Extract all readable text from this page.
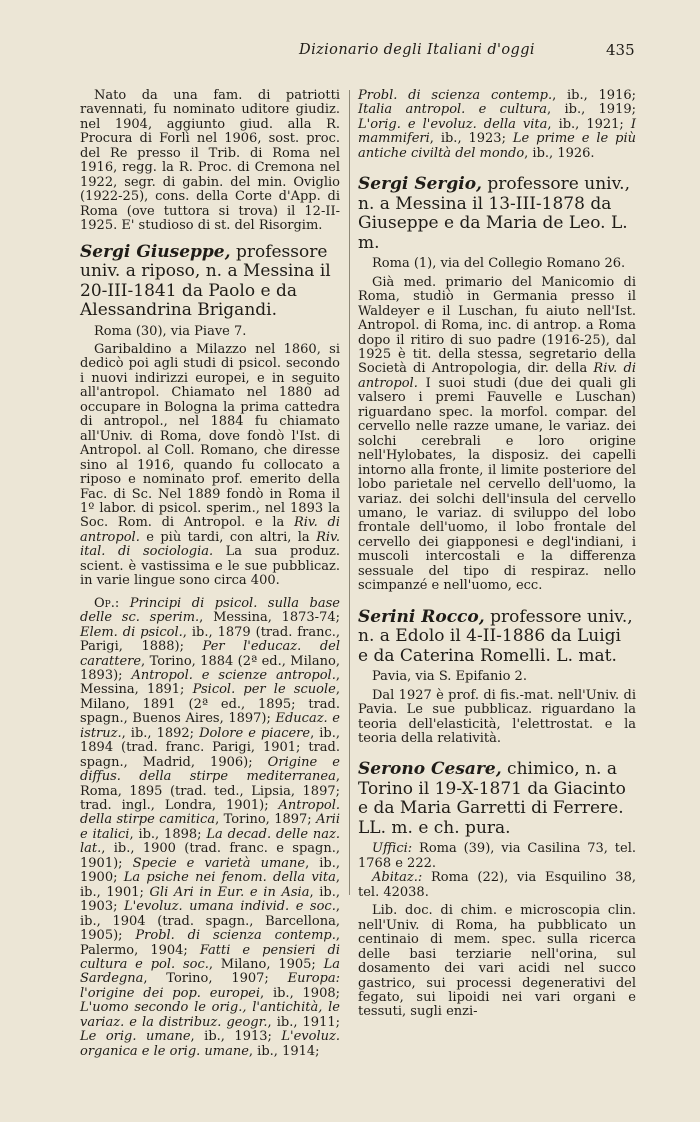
Dizionario degli Italiani d'oggi	435

Nato da una fam. di patriotti ravennati, fu nominato uditore giudiz. nel 1904, aggiunto giud. alla R. Procura di Forlì nel 1906, sost. proc. del Re presso il Trib. di Roma nel 1916, regg. la R. Proc. di Cremona nel 1922, segr. di gabin. del min. Oviglio (1922-25), cons. della Corte d'App. di Roma (ove tuttora si trova) il 12-II-1925. E' studioso di st. del Risorgim.

Sergi Giuseppe, professore univ. a riposo, n. a Messina il 20-III-1841 da Paolo e da Alessandrina Brigandi.

Roma (30), via Piave 7.

Garibaldino a Milazzo nel 1860, si dedicò poi agli studi di psicol. secondo i nuovi indirizzi europei, e in seguito all'antropol. Chiamato nel 1880 ad occupare in Bologna la prima cattedra di antropol., nel 1884 fu chiamato all'Univ. di Roma, dove fondò l'Ist. di Antropol. al Coll. Romano, che diresse sino al 1916, quando fu collocato a riposo e nominato prof. emerito della Fac. di Sc. Nel 1889 fondò in Roma il 1º labor. di psicol. sperim., nel 1893 la Soc. Rom. di Antropol. e la Riv. di antropol. e più tardi, con altri, la Riv. ital. di sociologia. La sua produz. scient. è vastissima e le sue pubblicaz. in varie lingue sono circa 400.

Op.: Principi di psicol. sulla base delle sc. sperim., Messina, 1873-74; Elem. di psicol., ib., 1879 (trad. franc., Parigi, 1888); Per l'educaz. del carattere, Torino, 1884 (2ª ed., Milano, 1893); Antropol. e scienze antropol., Messina, 1891; Psicol. per le scuole, Milano, 1891 (2ª ed., 1895; trad. spagn., Buenos Aires, 1897); Educaz. e istruz., ib., 1892; Dolore e piacere, ib., 1894 (trad. franc. Parigi, 1901; trad. spagn., Madrid, 1906); Origine e diffus. della stirpe mediterranea, Roma, 1895 (trad. ted., Lipsia, 1897; trad. ingl., Londra, 1901); Antropol. della stirpe camitica, Torino, 1897; Arii e italici, ib., 1898; La decad. delle naz. lat., ib., 1900 (trad. franc. e spagn., 1901); Specie e varietà umane, ib., 1900; La psiche nei fenom. della vita, ib., 1901; Gli Ari in Eur. e in Asia, ib., 1903; L'evoluz. umana individ. e soc., ib., 1904 (trad. spagn., Barcellona, 1905); Probl. di scienza contemp., Palermo, 1904; Fatti e pensieri di cultura e pol. soc., Milano, 1905; La Sardegna, Torino, 1907; Europa: l'origine dei pop. europei, ib., 1908; L'uomo secondo le orig., l'antichità, le variaz. e la distribuz. geogr., ib., 1911; Le orig. umane, ib., 1913; L'evoluz. organica e le orig. umane, ib., 1914;

Probl. di scienza contemp., ib., 1916; Italia antropol. e cultura, ib., 1919; L'orig. e l'evoluz. della vita, ib., 1921; I mammiferi, ib., 1923; Le prime e le più antiche civiltà del mondo, ib., 1926.

Sergi Sergio, professore univ., n. a Messina il 13-III-1878 da Giuseppe e da Maria de Leo. L. m.

Roma (1), via del Collegio Romano 26.

Già med. primario del Manicomio di Roma, studiò in Germania presso il Waldeyer e il Luschan, fu aiuto nell'Ist. Antropol. di Roma, inc. di antrop. a Roma dopo il ritiro di suo padre (1916-25), dal 1925 è tit. della stessa, segretario della Società di Antropologia, dir. della Riv. di antropol. I suoi studi (due dei quali gli valsero i premi Fauvelle e Luschan) riguardano spec. la morfol. compar. del cervello nelle razze umane, le variaz. dei solchi cerebrali e loro origine nell'Hylobates, la disposiz. dei capelli intorno alla fronte, il limite posteriore del lobo parietale nel cervello dell'uomo, la variaz. dei solchi dell'insula del cervello umano, le variaz. di sviluppo del lobo frontale dell'uomo, il lobo frontale del cervello dei giapponesi e degl'indiani, i muscoli intercostali e la differenza sessuale del tipo di respiraz. nello scimpanzé e nell'uomo, ecc.

Serini Rocco, professore univ., n. a Edolo il 4-II-1886 da Luigi e da Caterina Romelli. L. mat.

Pavia, via S. Epifanio 2.

Dal 1927 è prof. di fis.-mat. nell'Univ. di Pavia. Le sue pubblicaz. riguardano la teoria dell'elasticità, l'elettrostat. e la teoria della relatività.

Serono Cesare, chimico, n. a Torino il 19-X-1871 da Giacinto e da Maria Garretti di Ferrere. LL. m. e ch. pura.

Uffici: Roma (39), via Casilina 73, tel. 1768 e 222.

Abitaz.: Roma (22), via Esquilino 38, tel. 42038.

Lib. doc. di chim. e microscopia clin. nell'Univ. di Roma, ha pubblicato un centinaio di mem. spec. sulla ricerca delle basi terziarie nell'orina, sul dosamento dei vari acidi nel succo gastrico, sui processi degenerativi del fegato, sui lipoidi nei vari organi e tessuti, sugli enzi-
